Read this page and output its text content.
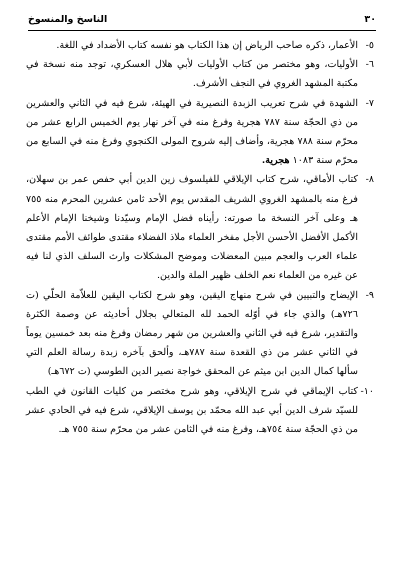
٣٠
الناسخ والمنسوخ

٥-
الأعمار، ذكره صاحب الرياض إن هذا الكتاب هو نفسه كتاب الأضداد في اللغة.

٦-
الأوليات، وهو مختصر من كتاب الأوليات لأبي هلال العسكري، توجد منه نسخة في مكتبة المشهد الغروي في النجف الأشرف.

٧-
الشهدة في شرح تعريب الزبدة النصيرية في الهيئة، شرع فيه في الثاني والعشرين من ذي الحجّة سنة ٧٨٧ هجرية وفرغ منه في آخر نهار يوم الخميس الرابع عشر من محرّم سنة ٧٨٨ هجرية، وأضاف إليه شروح المولى الكنجوي وفرغ منه في السابع من محرّم سنة ١٠٨٣ هجرية.

٨-
كتاب الأماقي، شرح كتاب الإيلاقي للفيلسوف زين الدين أبي حفص عمر بن سهلان، فرغ منه بالمشهد الغروي الشريف المقدس يوم الأحد ثامن عشرين المحرم منه ٧٥٥ هـ وعلى آخر النسخة ما صورته: رأيناه فضل الإمام وسيّدنا وشيخنا الإمام الأعلم الأكمل الأفضل الأحسن الأجل مفخر العلماء ملاذ الفضلاء مقتدى طوائف الأمم مقتدى علماء العرب والعجم مبين المعضلات وموضح المشكلات وارث السلف الذي لنا فيه عن غيره من العلماء نعم الخلف ظهير الملة والدين.

٩-
الإيضاح والتبيين في شرح منهاج اليقين، وهو شرح لكتاب اليقين للعلاّمة الحلّي (ت ٧٢٦هـ) والذي جاء في أوّله الحمد لله المتعالي بجلال أحاديثه عن وصمة الكثرة والتقدير، شرع فيه في الثاني والعشرين من شهر رمضان وفرغ منه بعد خمسين يوماً في الثاني عشر من ذي القعدة سنة ٧٨٧هـ، وألحق بآخره زبدة رسالة العلم التي سألها كمال الدين ابن ميثم عن المحقق خواجة نصير الدين الطوسي (ت ٦٧٢هـ)

١٠-
كتاب الإيماقي في شرح الإيلاقي، وهو شرح مختصر من كليات القانون في الطب للسيّد شرف الدين أبي عبد الله محمّد بن يوسف الإيلاقي، شرع فيه في الحادي عشر من ذي الحجّة سنة ٧٥٤هـ، وفرغ منه في الثامن عشر من محرّم سنة ٧٥٥ هـ.
